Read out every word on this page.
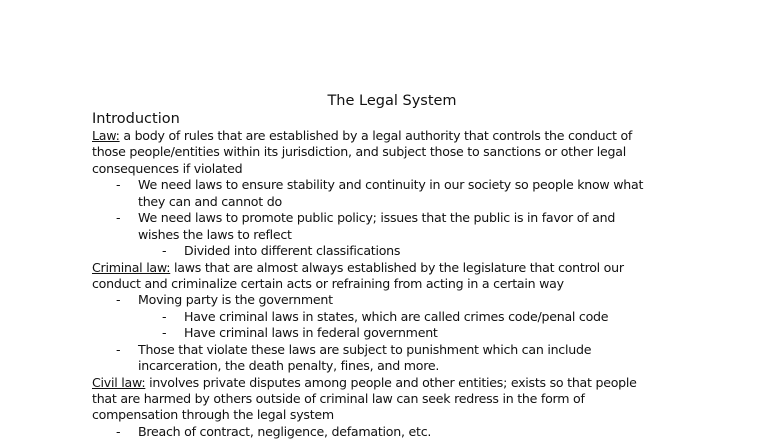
The Legal System
Introduction
Law: a body of rules that are established by a legal authority that controls the conduct of
those people/entities within its jurisdiction, and subject those to sanctions or other legal
consequences if violated
-	We need laws to ensure stability and continuity in our society so people know what
they can and cannot do
-	We need laws to promote public policy; issues that the public is in favor of and
wishes the laws to reflect
-	Divided into different classifications
Criminal law: laws that are almost always established by the legislature that control our
conduct and criminalize certain acts or refraining from acting in a certain way
-	Moving party is the government
-	Have criminal laws in states, which are called crimes code/penal code
-	Have criminal laws in federal government
-	Those that violate these laws are subject to punishment which can include
incarceration, the death penalty, fines, and more.
Civil law: involves private disputes among people and other entities; exists so that people
that are harmed by others outside of criminal law can seek redress in the form of
compensation through the legal system
-	Breach of contract, negligence, defamation, etc.
